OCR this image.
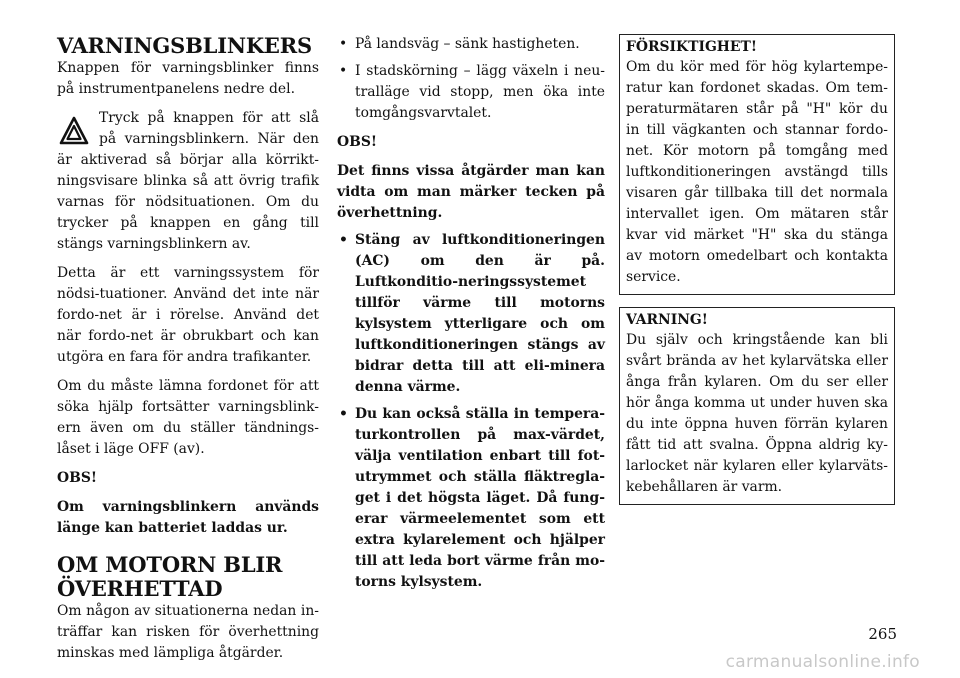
VARNINGSBLINKERS

Knappen för varningsblinker finns på instrumentpanelens nedre del.

Tryck på knappen för att slå på varningsblinkern. När den är aktiverad så börjar alla körrikt-ningsvisare blinka så att övrig trafik varnas för nödsituationen. Om du trycker på knappen en gång till stängs varningsblinkern av.

Detta är ett varningssystem för nödsi-tuationer. Använd det inte när fordo-net är i rörelse. Använd det när fordo-net är obrukbart och kan utgöra en fara för andra trafikanter.

Om du måste lämna fordonet för att söka hjälp fortsätter varningsblink-ern även om du ställer tändnings-låset i läge OFF (av).

OBS!

Om varningsblinkern används länge kan batteriet laddas ur.

OM MOTORN BLIR ÖVERHETTAD

Om någon av situationerna nedan in-träffar kan risken för överhettning minskas med lämpliga åtgärder.

• På landsväg – sänk hastigheten.
• I stadskörning – lägg växeln i neu-tralläge vid stopp, men öka inte tomgångsvarvtalet.

OBS!

Det finns vissa åtgärder man kan vidta om man märker tecken på överhettning.

• Stäng av luftkonditioneringen (AC) om den är på. Luftkonditio-neringssystemet tillför värme till motorns kylsystem ytterligare och om luftkonditioneringen stängs av bidrar detta till att eli-minera denna värme.
• Du kan också ställa in tempera-turkontrollen på max-värdet, välja ventilation enbart till fot-utrymmet och ställa fläktregla-get i det högsta läget. Då fung-erar värmeelementet som ett extra kylarelement och hjälper till att leda bort värme från mo-torns kylsystem.
FÖRSIKTIGHET!

Om du kör med för hög kylartempe-ratur kan fordonet skadas. Om tem-peraturmätaren står på "H" kör du in till vägkanten och stannar fordo-net. Kör motorn på tomgång med luftkonditioneringen avstängd tills visaren går tillbaka till det normala intervallet igen. Om mätaren står kvar vid märket "H" ska du stänga av motorn omedelbart och kontakta service.

VARNING!

Du själv och kringstående kan bli svårt brända av het kylarvätska eller ånga från kylaren. Om du ser eller hör ånga komma ut under huven ska du inte öppna huven förrän kylaren fått tid att svalna. Öppna aldrig ky-larlocket när kylaren eller kylarväts-kebehållaren är varm.

265
carmanualsonline.info
